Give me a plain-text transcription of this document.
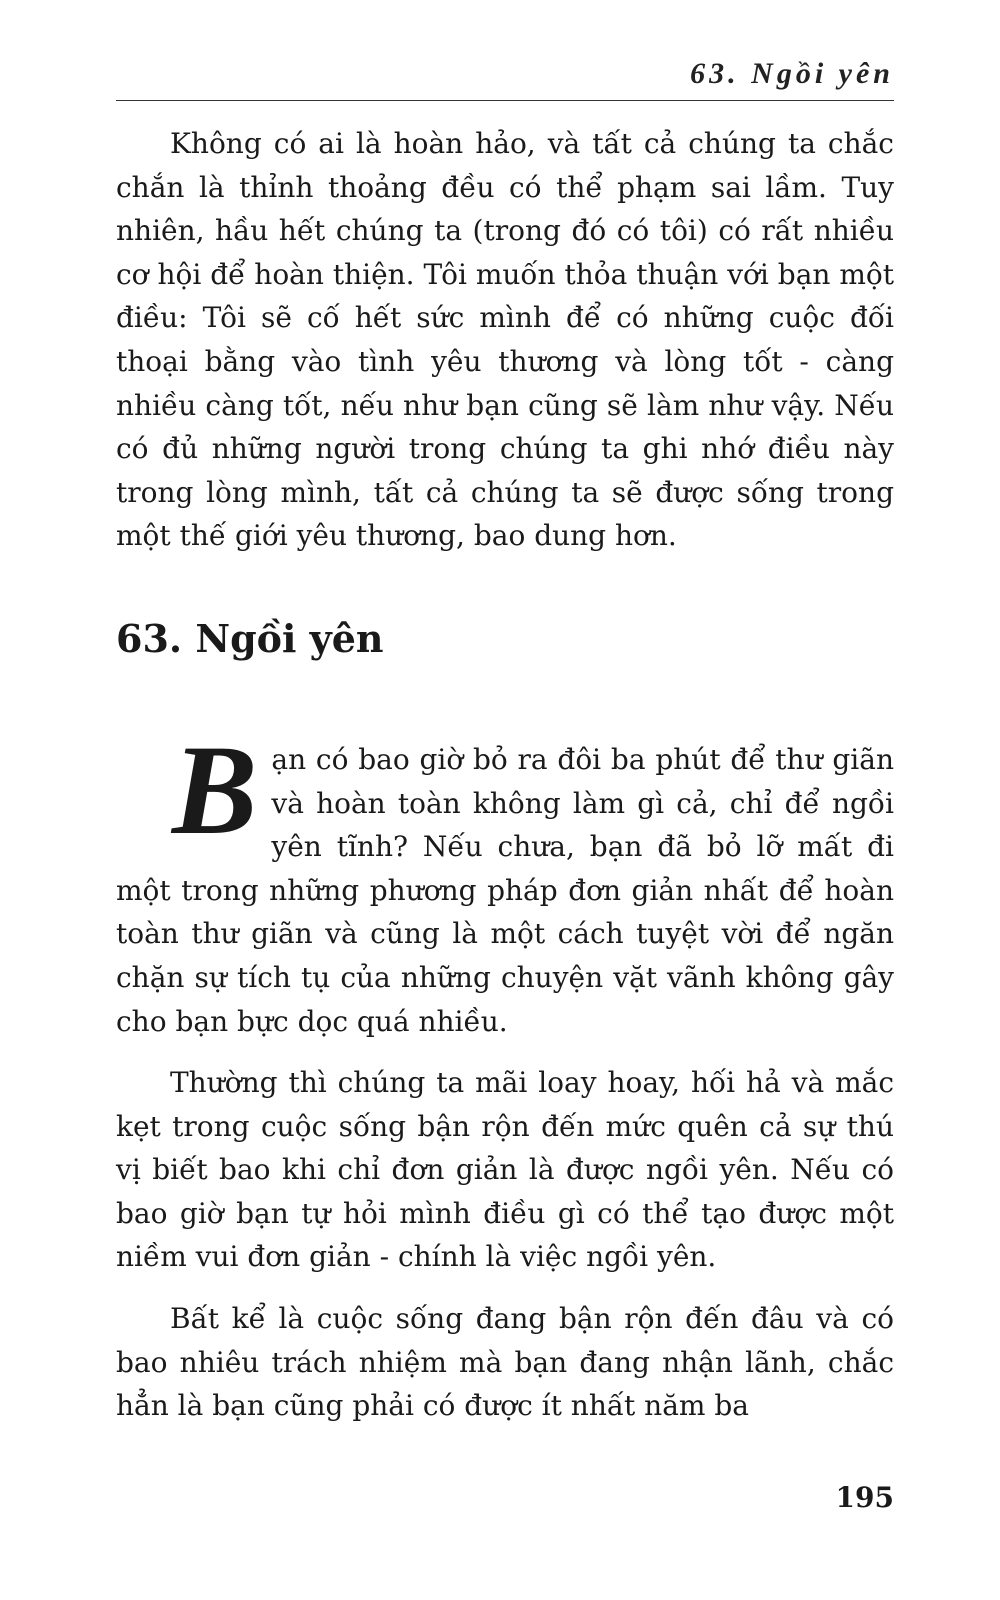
63. Ngồi yên

Không có ai là hoàn hảo, và tất cả chúng ta chắc chắn là thỉnh thoảng đều có thể phạm sai lầm. Tuy nhiên, hầu hết chúng ta (trong đó có tôi) có rất nhiều cơ hội để hoàn thiện. Tôi muốn thỏa thuận với bạn một điều: Tôi sẽ cố hết sức mình để có những cuộc đối thoại bằng vào tình yêu thương và lòng tốt - càng nhiều càng tốt, nếu như bạn cũng sẽ làm như vậy. Nếu có đủ những người trong chúng ta ghi nhớ điều này trong lòng mình, tất cả chúng ta sẽ được sống trong một thế giới yêu thương, bao dung hơn.

63. Ngồi yên

Bạn có bao giờ bỏ ra đôi ba phút để thư giãn và hoàn toàn không làm gì cả, chỉ để ngồi yên tĩnh? Nếu chưa, bạn đã bỏ lỡ mất đi một trong những phương pháp đơn giản nhất để hoàn toàn thư giãn và cũng là một cách tuyệt vời để ngăn chặn sự tích tụ của những chuyện vặt vãnh không gây cho bạn bực dọc quá nhiều.

Thường thì chúng ta mãi loay hoay, hối hả và mắc kẹt trong cuộc sống bận rộn đến mức quên cả sự thú vị biết bao khi chỉ đơn giản là được ngồi yên. Nếu có bao giờ bạn tự hỏi mình điều gì có thể tạo được một niềm vui đơn giản - chính là việc ngồi yên.

Bất kể là cuộc sống đang bận rộn đến đâu và có bao nhiêu trách nhiệm mà bạn đang nhận lãnh, chắc hẳn là bạn cũng phải có được ít nhất năm ba

195
